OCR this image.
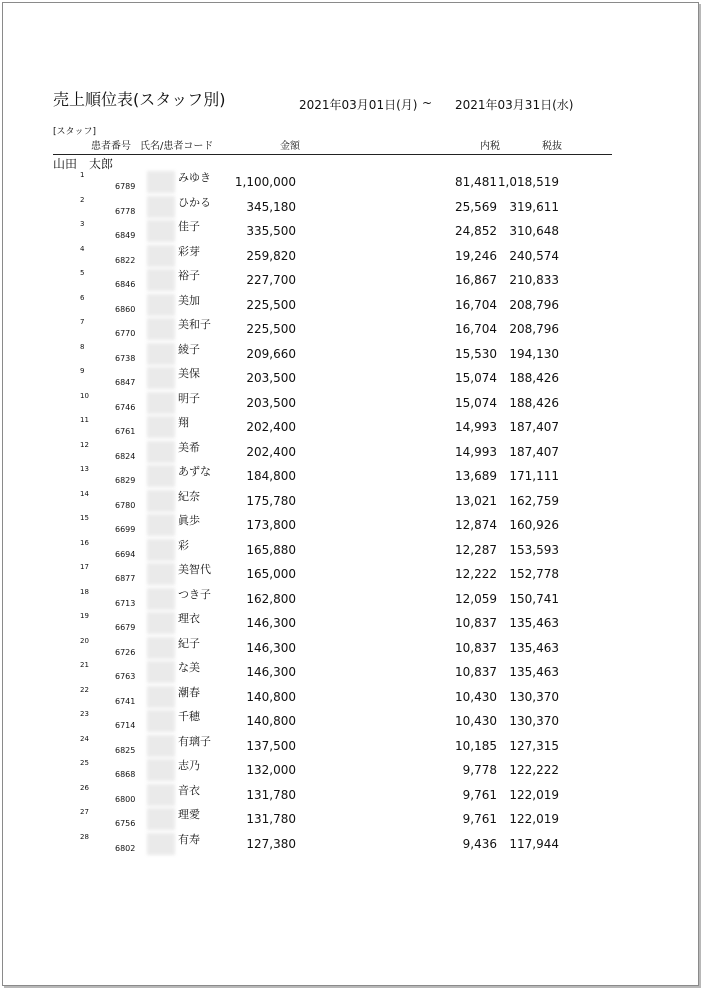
売上順位表(スタッフ別)	2021年03月01日(月) ~ 2021年03月31日(水)
[スタッフ]
患者番号 氏名/患者コード	金額	内税	税抜
山田　太郎
1
6789
みゆき 1,100,000	81,481 1,018,519
2
6778
ひかる	345,180	25,569 319,611
3
6849
佳子	335,500	24,852 310,648
4
6822
彩芽	259,820	19,246 240,574
5
6846
裕子	227,700	16,867 210,833
6
6860
美加	225,500	16,704 208,796
7
6770
美和子	225,500	16,704 208,796
8
6738
綾子	209,660	15,530 194,130
9
6847
美保	203,500	15,074 188,426
10
6746
明子	203,500	15,074 188,426
11
6761
翔	202,400	14,993 187,407
12
6824
美希	202,400	14,993 187,407
13
6829
あずな	184,800	13,689 171,111
14
6780
紀奈	175,780	13,021 162,759
15
6699
眞歩	173,800	12,874 160,926
16
6694
彩	165,880	12,287 153,593
17
6877
美智代	165,000	12,222 152,778
18
6713
つき子	162,800	12,059 150,741
19
6679
理衣	146,300	10,837 135,463
20
6726
紀子	146,300	10,837 135,463
21
6763
な美	146,300	10,837 135,463
22
6741
潮春	140,800	10,430 130,370
23
6714
千穂	140,800	10,430 130,370
24
6825
有璃子	137,500	10,185 127,315
25
6868
志乃	132,000	9,778 122,222
26
6800
音衣	131,780	9,761 122,019
27
6756
理愛	131,780	9,761 122,019
28
6802
有寿	127,380	9,436 117,944
